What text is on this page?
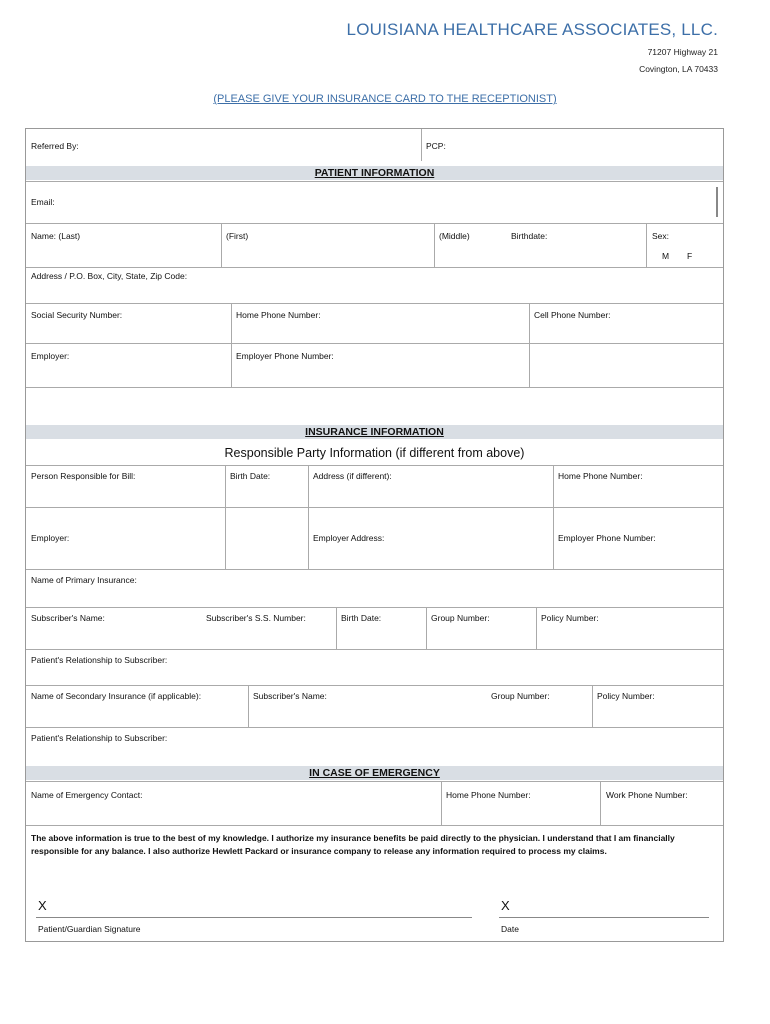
LOUISIANA HEALTHCARE ASSOCIATES, LLC.
71207 Highway 21
Covington, LA 70433
(PLEASE GIVE YOUR INSURANCE CARD TO THE RECEPTIONIST)
Referred By:	PCP:
PATIENT INFORMATION
Email:
Name: (Last)	(First)	(Middle)	Birthdate:	Sex:
M F
Address / P.O. Box, City, State, Zip Code:
Social Security Number:	Home Phone Number:	Cell Phone Number:
Employer:	Employer Phone Number:
INSURANCE INFORMATION
Responsible Party Information (if different from above)
Person Responsible for Bill:	Birth Date:	Address (if different):	Home Phone Number:
Employer:	Employer Address:	Employer Phone Number:
Name of Primary Insurance:
Subscriber's Name:	Subscriber's S.S. Number:	Birth Date:	Group Number:	Policy Number:
Patient's Relationship to Subscriber:
Name of Secondary Insurance (if applicable):	Subscriber's Name:	Group Number:	Policy Number:
Patient's Relationship to Subscriber:
IN CASE OF EMERGENCY
Name of Emergency Contact:	Home Phone Number:	Work Phone Number:
The above information is true to the best of my knowledge. I authorize my insurance benefits be paid directly to the physician. I understand that I am financially responsible for any balance. I also authorize Hewlett Packard or insurance company to release any information required to process my claims.
X
Patient/Guardian Signature
X
Date
